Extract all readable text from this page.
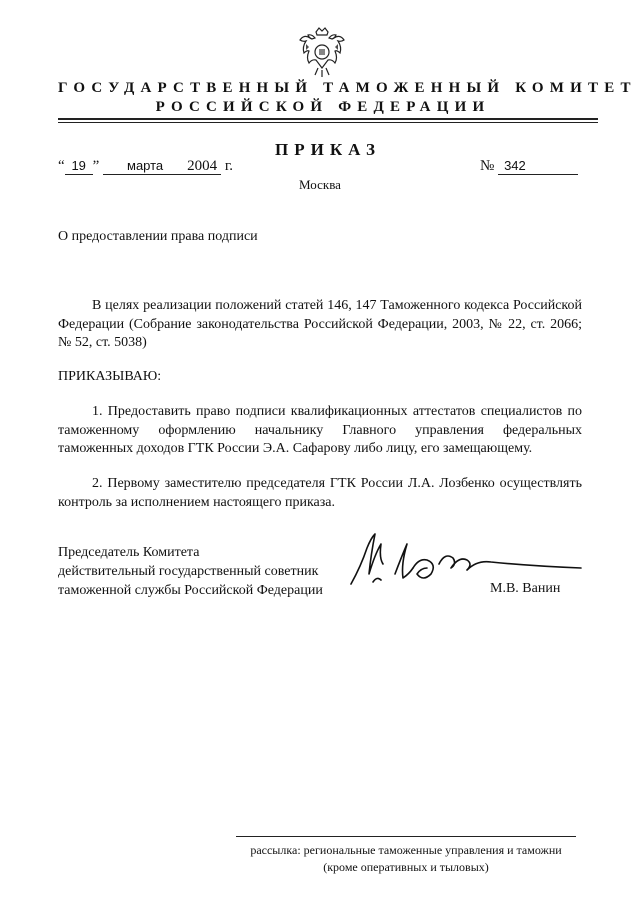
ГОСУДАРСТВЕННЫЙ ТАМОЖЕННЫЙ КОМИТЕТ
РОССИЙСКОЙ ФЕДЕРАЦИИ
ПРИКАЗ
“ 19 ” марта 2004 г.	№ 342
Москва
О предоставлении права подписи
В целях реализации положений статей 146, 147 Таможенного кодекса Российской Федерации (Собрание законодательства Российской Федерации, 2003, № 22, ст. 2066; № 52, ст. 5038)
ПРИКАЗЫВАЮ:
1. Предоставить право подписи квалификационных аттестатов специалистов по таможенному оформлению начальнику Главного управления федеральных таможенных доходов ГТК России Э.А. Сафарову либо лицу, его замещающему.
2. Первому заместителю председателя ГТК России Л.А. Лозбенко осуществлять контроль за исполнением настоящего приказа.
Председатель Комитета
действительный государственный советник
таможенной службы Российской Федерации	М.В. Ванин
рассылка: региональные таможенные управления и таможни
(кроме оперативных и тыловых)
